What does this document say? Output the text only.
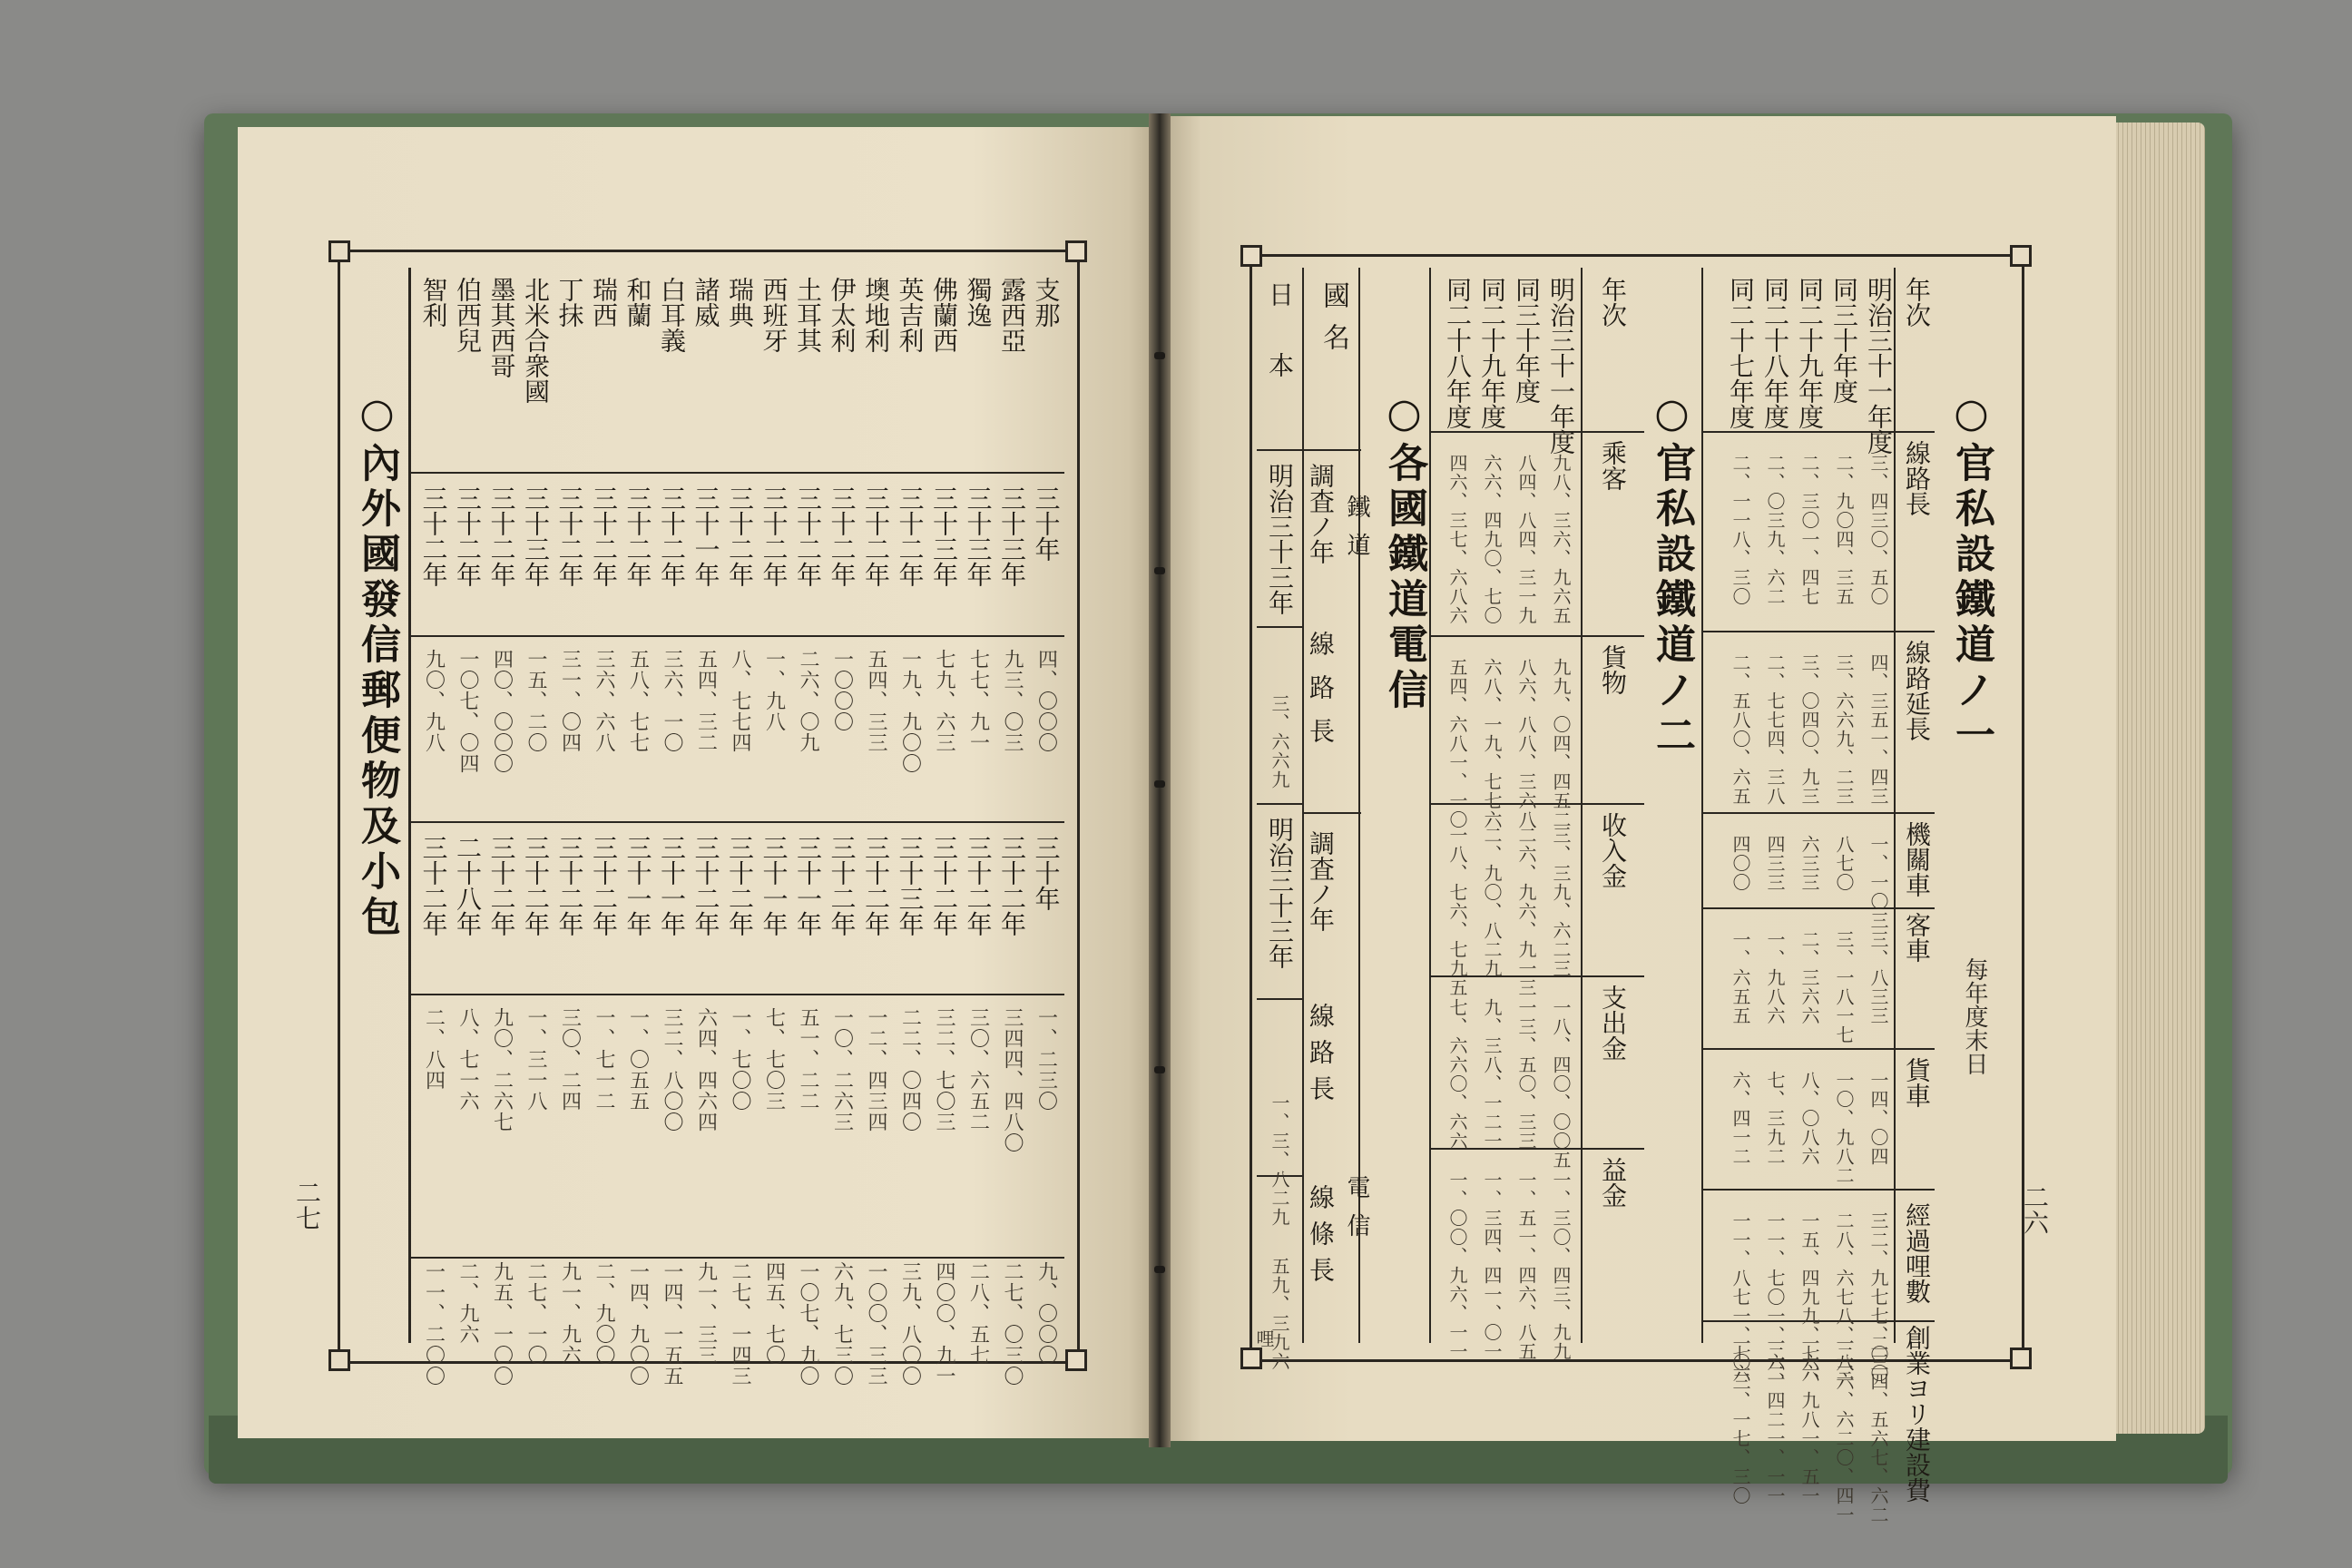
○內外國發信郵便物及小包
二七
支那
三十年
三十年
一、二三〇
九、〇〇〇
四、〇〇〇
露西亞
三十三年
三十二年
三四四、四八〇
二七、〇三〇
九三、〇三
獨逸
三十三年
三十二年
三〇、六五二
二八、五七
七七、九一
佛蘭西
三十三年
三十二年
三二、七〇三
四〇〇、九一
七九、六三
英吉利
三十二年
三十三年
二二、〇四〇
三九、八〇〇
一九、九〇〇
墺地利
三十二年
三十二年
一二、四三四
一〇〇、三三
五四、三三
伊太利
三十二年
三十二年
一〇、二六三
六九、七三〇
一〇〇〇
土耳其
三十二年
三十一年
五一、二二
一〇七、九〇
二六、〇九
西班牙
三十二年
三十一年
七、七〇三
四五、七〇
一、九八
瑞典
三十二年
三十二年
一、七〇〇
二七、一四三
八、七七四
諸威
三十一年
三十二年
六四、四六四
九一、三三
五四、三二
白耳義
三十二年
三十一年
三二、八〇〇
一四、一五五
三六、一〇
和蘭
三十二年
三十一年
一、〇五五
一四、九〇〇
五八、七七
瑞西
三十二年
三十二年
一、七一二
二、九〇〇
三六、六八
丁抹
三十二年
三十二年
三〇、二四
九一、九六
三一、〇四
北米合衆國
三十三年
三十二年
一、三一八
二七、一〇
一五、二〇
墨其西哥
三十二年
三十二年
九〇、二六七
九五、一〇〇
四〇、〇〇〇
伯西兒
三十二年
二十八年
八、七一六
二、九六
一〇七、〇四
智利
三十二年
三十二年
二、八四
一一、二〇〇
九〇、九八
二六
每年度末日
○官私設鐵道ノ一
○官私設鐵道ノ二
○各國鐵道電信
年次
線路長
線路延長
機關車
客車
貨車
經過哩數
創業ヨリ建設費
明治三十一年度
三、四三〇、五〇
四、三五一、四三
一、一〇三
三、八三三
一四、〇四
三二、九七七、〇〇
二三四、五六七、六二
同三十年度
二、九〇四、三五
三、六六九、二三
八七〇
三、一八一七
一〇、九八二
二八、六七八、二三
一八六、六二〇、四一
同二十九年度
二、三〇一、四七
三、〇四〇、九三
六三三
二、三六六
八、〇八六
一五、四九九、七六
一六、九八一、五一
同二十八年度
二、〇三九、六二
二、七七四、三八
四三三
一、九八六
七、三九二
一一、七〇一、二二
一六、四二一、一一
同二十七年度
二、一一八、三〇
二、五八〇、六五
四〇〇
一、六五五
六、四一二
一一、八七一、七六
一〇三、一七、三〇
年次
乘客
貨物
收入金
支出金
益金
明治三十一年度
九八、三六、九六五
九九、〇四、四五二
三、三九、六二三
一八、四〇、〇〇五
一、三〇、四三、九九
同三十年度
八四、八四、三一九
八六、八八、三六八
二六、九六、九一三
一三、五〇、三三
一、五一、四六、八五
同二十九年度
六六、四九〇、七〇
六八、一九、七七六
二、九〇、八二九
九、三八、一二一
一、三四、四一、〇一
同二十八年度
四六、三七、六八六
五四、六八一、一〇
一八、七六、七九五
七、六六〇、六六
一、〇〇、九六、一一
國名
鐵道
電信
日本
明治三十三年 調査ノ年
線路長
三、六六九
明治三十三年 調査ノ年
線路長
一、三、八二九
線條長
五九、三九六
哩
